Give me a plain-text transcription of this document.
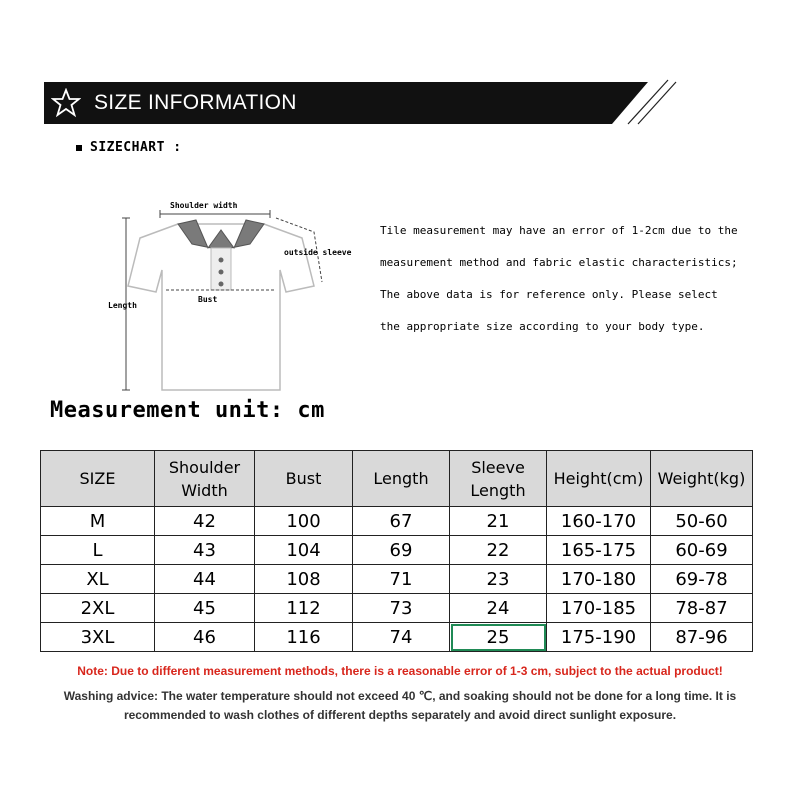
SIZE INFORMATION
SIZECHART :
Shoulder width
outside sleeve
Length
Bust
Tile measurement may have an error of 1-2cm due to the
measurement method and fabric elastic characteristics;
The above data is for reference only. Please select
the appropriate size according to your body type.
Measurement unit: cm
SIZE	Shoulder Width	Bust	Length	Sleeve Length	Height(cm)	Weight(kg)
M	42	100	67	21	160-170	50-60
L	43	104	69	22	165-175	60-69
XL	44	108	71	23	170-180	69-78
2XL	45	112	73	24	170-185	78-87
3XL	46	116	74	25	175-190	87-96
Note: Due to different measurement methods, there is a reasonable error of 1-3 cm, subject to the actual product!
Washing advice: The water temperature should not exceed 40 ℃, and soaking should not be done for a long time. It is
recommended to wash clothes of different depths separately and avoid direct sunlight exposure.
